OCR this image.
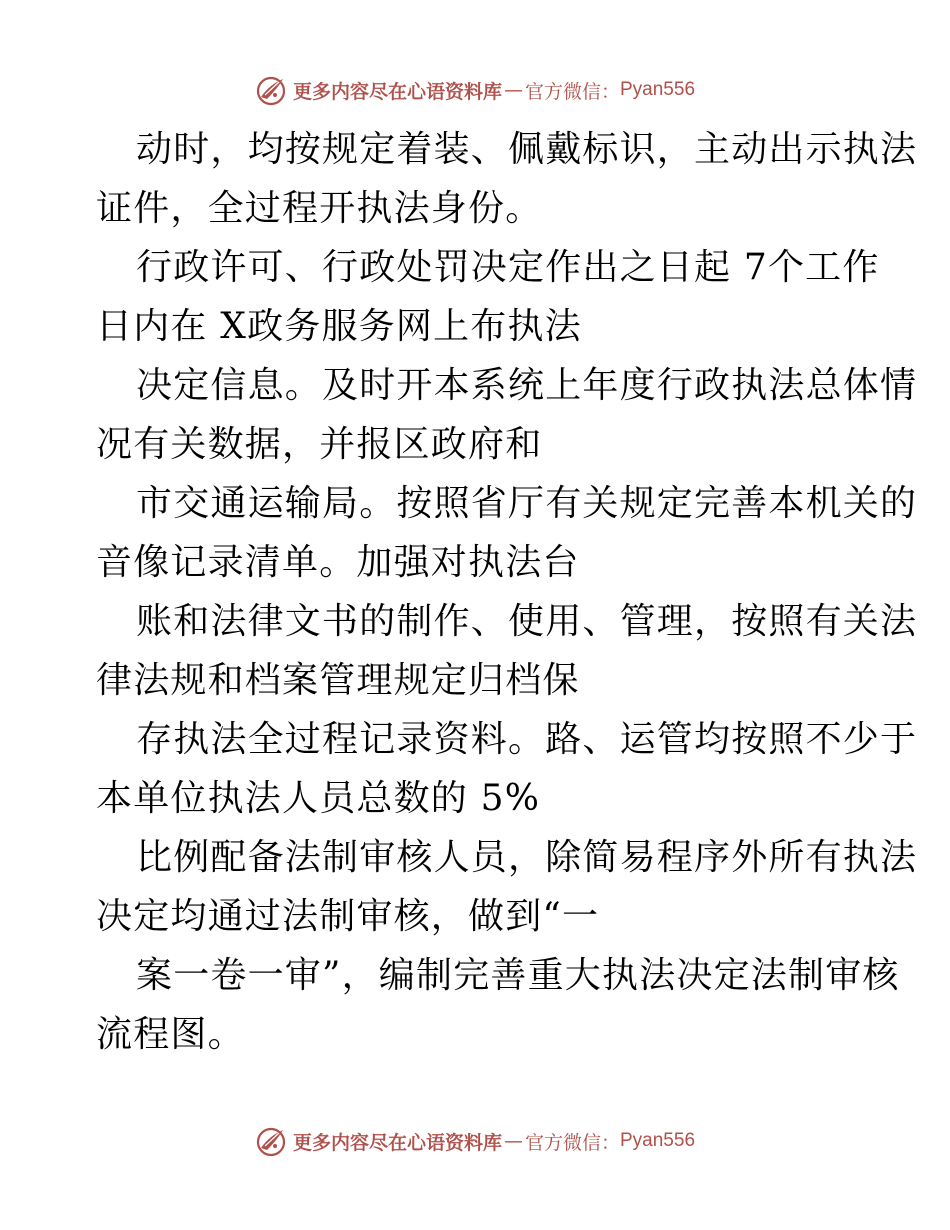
更多内容尽在心语资料库 — 官方微信： Pyan556
动时，均按规定着装、佩戴标识，主动出示执法
证件，全过程开执法身份。
行政许可、行政处罚决定作出之日起 7个工作
日内在 X政务服务网上布执法
决定信息。及时开本系统上年度行政执法总体情
况有关数据，并报区政府和
市交通运输局。按照省厅有关规定完善本机关的
音像记录清单。加强对执法台
账和法律文书的制作、使用、管理，按照有关法
律法规和档案管理规定归档保
存执法全过程记录资料。路、运管均按照不少于
本单位执法人员总数的 5%
比例配备法制审核人员，除简易程序外所有执法
决定均通过法制审核，做到“一
案一卷一审”，编制完善重大执法决定法制审核
流程图。
更多内容尽在心语资料库 — 官方微信： Pyan556
